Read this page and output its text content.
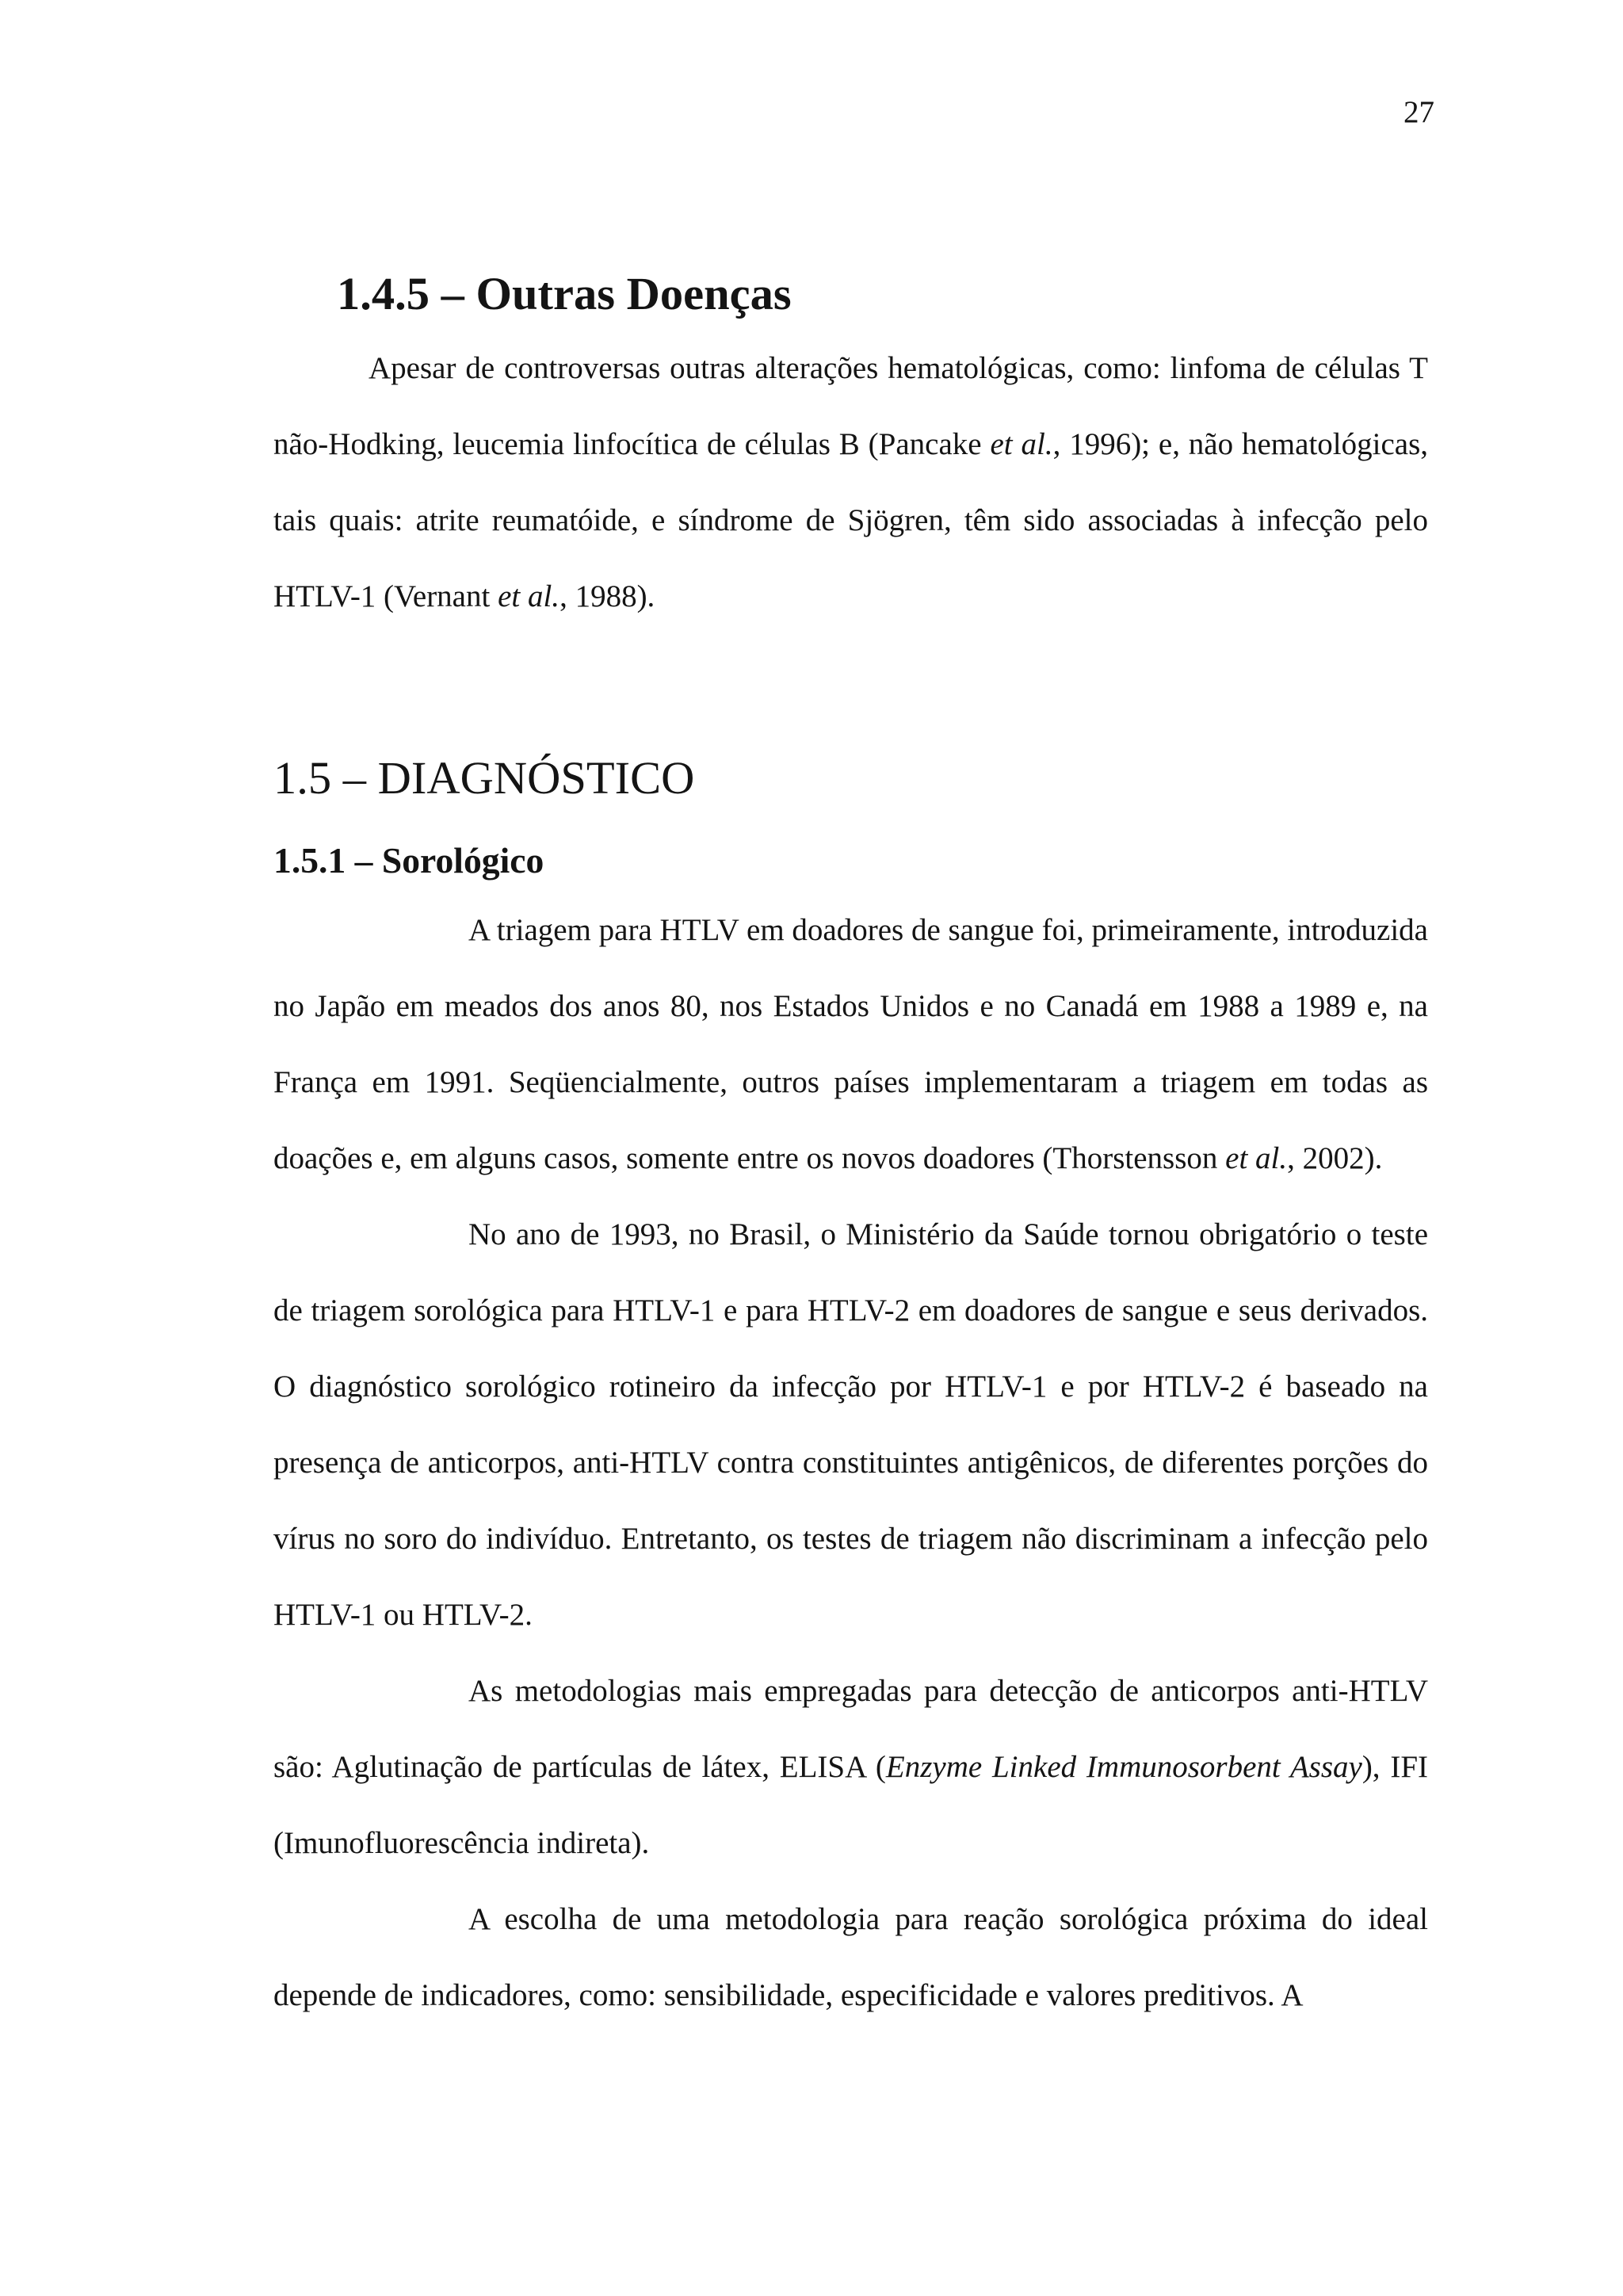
27
1.4.5 – Outras Doenças

Apesar de controversas outras alterações hematológicas, como: linfoma de células T não-Hodking, leucemia linfocítica de células B (Pancake et al., 1996); e, não hematológicas, tais quais: atrite reumatóide, e síndrome de Sjögren, têm sido associadas à infecção pelo HTLV-1 (Vernant et al., 1988).

1.5 – DIAGNÓSTICO
1.5.1 – Sorológico

A triagem para HTLV em doadores de sangue foi, primeiramente, introduzida no Japão em meados dos anos 80, nos Estados Unidos e no Canadá em 1988 a 1989 e, na França em 1991. Seqüencialmente, outros países implementaram a triagem em todas as doações e, em alguns casos, somente entre os novos doadores (Thorstensson et al., 2002).

No ano de 1993, no Brasil, o Ministério da Saúde tornou obrigatório o teste de triagem sorológica para HTLV-1 e para HTLV-2 em doadores de sangue e seus derivados. O diagnóstico sorológico rotineiro da infecção por HTLV-1 e por HTLV-2 é baseado na presença de anticorpos, anti-HTLV contra constituintes antigênicos, de diferentes porções do vírus no soro do indivíduo. Entretanto, os testes de triagem não discriminam a infecção pelo HTLV-1 ou HTLV-2.

As metodologias mais empregadas para detecção de anticorpos anti-HTLV são: Aglutinação de partículas de látex, ELISA (Enzyme Linked Immunosorbent Assay), IFI (Imunofluorescência indireta).

A escolha de uma metodologia para reação sorológica próxima do ideal depende de indicadores, como: sensibilidade, especificidade e valores preditivos. A
